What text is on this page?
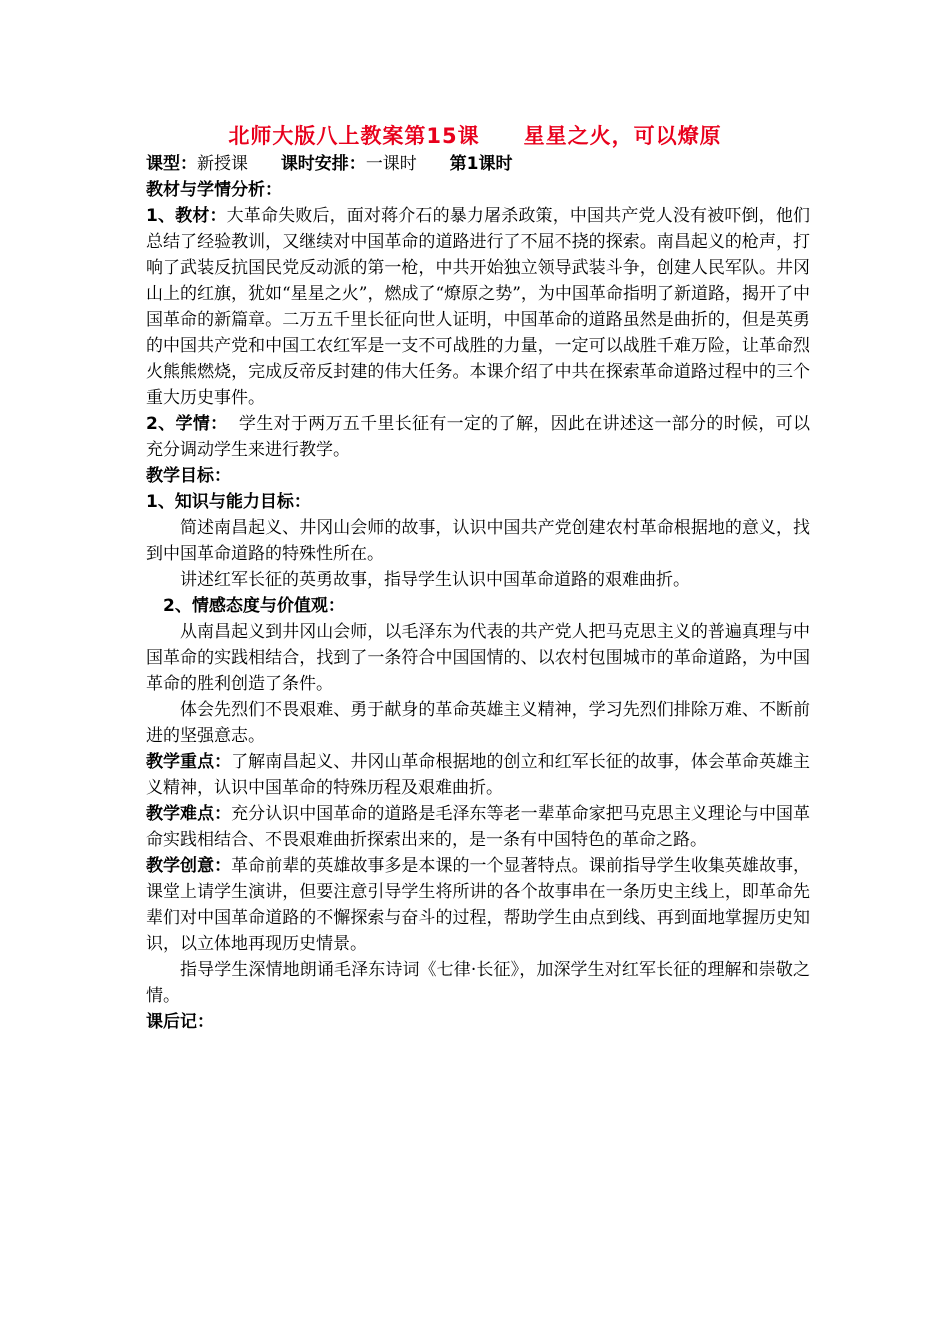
北师大版八上教案第15课　　星星之火，可以燎原
课型：新授课 课时安排：一课时 第1课时
教材与学情分析：

1、教材：大革命失败后，面对蒋介石的暴力屠杀政策，中国共产党人没有被吓倒，他们总结了经验教训，又继续对中国革命的道路进行了不屈不挠的探索。南昌起义的枪声，打响了武装反抗国民党反动派的第一枪，中共开始独立领导武装斗争，创建人民军队。井冈山上的红旗，犹如“星星之火”，燃成了“燎原之势”，为中国革命指明了新道路，揭开了中国革命的新篇章。二万五千里长征向世人证明，中国革命的道路虽然是曲折的，但是英勇的中国共产党和中国工农红军是一支不可战胜的力量，一定可以战胜千难万险，让革命烈火熊熊燃烧，完成反帝反封建的伟大任务。本课介绍了中共在探索革命道路过程中的三个重大历史事件。

2、学情： 学生对于两万五千里长征有一定的了解，因此在讲述这一部分的时候，可以充分调动学生来进行教学。

教学目标：
1、知识与能力目标：

简述南昌起义、井冈山会师的故事，认识中国共产党创建农村革命根据地的意义，找到中国革命道路的特殊性所在。

讲述红军长征的英勇故事，指导学生认识中国革命道路的艰难曲折。

2、情感态度与价值观：

从南昌起义到井冈山会师，以毛泽东为代表的共产党人把马克思主义的普遍真理与中国革命的实践相结合，找到了一条符合中国国情的、以农村包围城市的革命道路，为中国革命的胜利创造了条件。

体会先烈们不畏艰难、勇于献身的革命英雄主义精神，学习先烈们排除万难、不断前进的坚强意志。

教学重点：了解南昌起义、井冈山革命根据地的创立和红军长征的故事，体会革命英雄主义精神，认识中国革命的特殊历程及艰难曲折。

教学难点：充分认识中国革命的道路是毛泽东等老一辈革命家把马克思主义理论与中国革命实践相结合、不畏艰难曲折探索出来的，是一条有中国特色的革命之路。

教学创意：革命前辈的英雄故事多是本课的一个显著特点。课前指导学生收集英雄故事，课堂上请学生演讲，但要注意引导学生将所讲的各个故事串在一条历史主线上，即革命先辈们对中国革命道路的不懈探索与奋斗的过程，帮助学生由点到线、再到面地掌握历史知识，以立体地再现历史情景。

指导学生深情地朗诵毛泽东诗词《七律·长征》，加深学生对红军长征的理解和崇敬之情。

课后记：
